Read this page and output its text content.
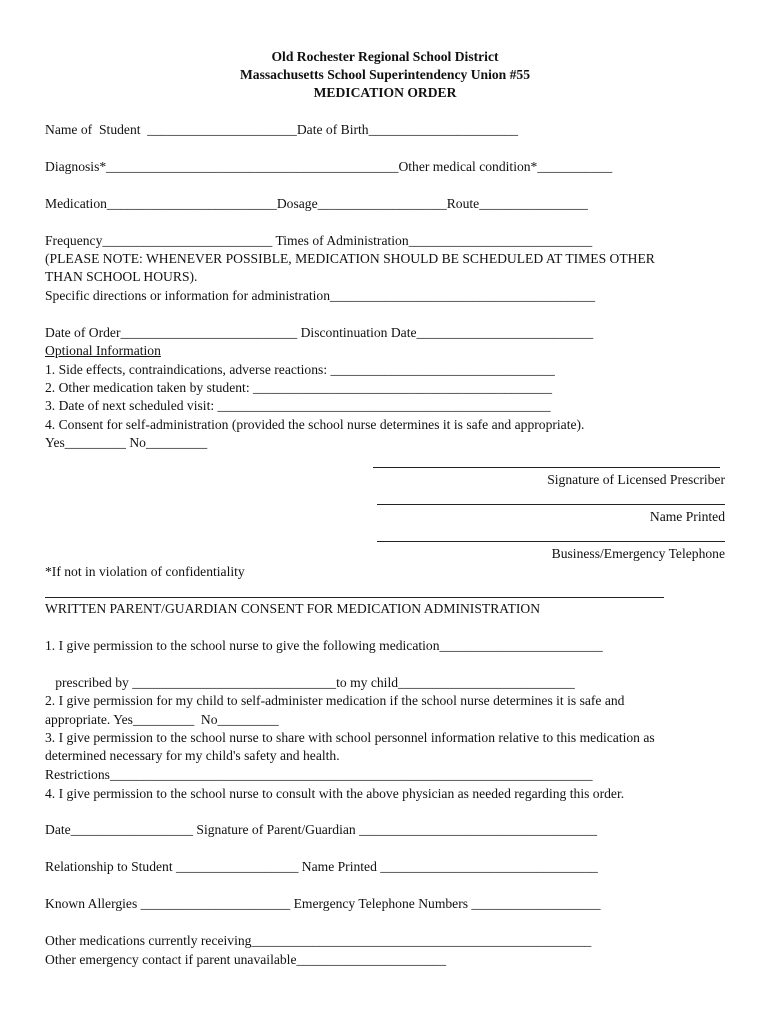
Old Rochester Regional School District
Massachusetts School Superintendency Union #55
MEDICATION ORDER
Name of  Student  ______________________Date of Birth______________________
Diagnosis*___________________________________________Other medical condition*___________
Medication_________________________Dosage___________________Route________________
Frequency_________________________ Times of Administration___________________________
(PLEASE NOTE: WHENEVER POSSIBLE, MEDICATION SHOULD BE SCHEDULED AT TIMES OTHER
THAN SCHOOL HOURS).
Specific directions or information for administration_______________________________________
Date of Order__________________________ Discontinuation Date__________________________
Optional Information
1. Side effects, contraindications, adverse reactions: _________________________________
2. Other medication taken by student: ____________________________________________
3. Date of next scheduled visit: _________________________________________________
4. Consent for self-administration (provided the school nurse determines it is safe and appropriate).
Yes_________ No_________
Signature of Licensed Prescriber
Name Printed
Business/Emergency Telephone
*If not in violation of confidentiality
WRITTEN PARENT/GUARDIAN CONSENT FOR MEDICATION ADMINISTRATION
1. I give permission to the school nurse to give the following medication________________________
prescribed by ______________________________to my child__________________________
2. I give permission for my child to self-administer medication if the school nurse determines it is safe and
appropriate. Yes_________  No_________
3. I give permission to the school nurse to share with school personnel information relative to this medication as
determined necessary for my child's safety and health.
Restrictions_______________________________________________________________________
4. I give permission to the school nurse to consult with the above physician as needed regarding this order.
Date__________________ Signature of Parent/Guardian ___________________________________
Relationship to Student __________________ Name Printed ________________________________
Known Allergies ______________________ Emergency Telephone Numbers ___________________
Other medications currently receiving__________________________________________________
Other emergency contact if parent unavailable______________________
